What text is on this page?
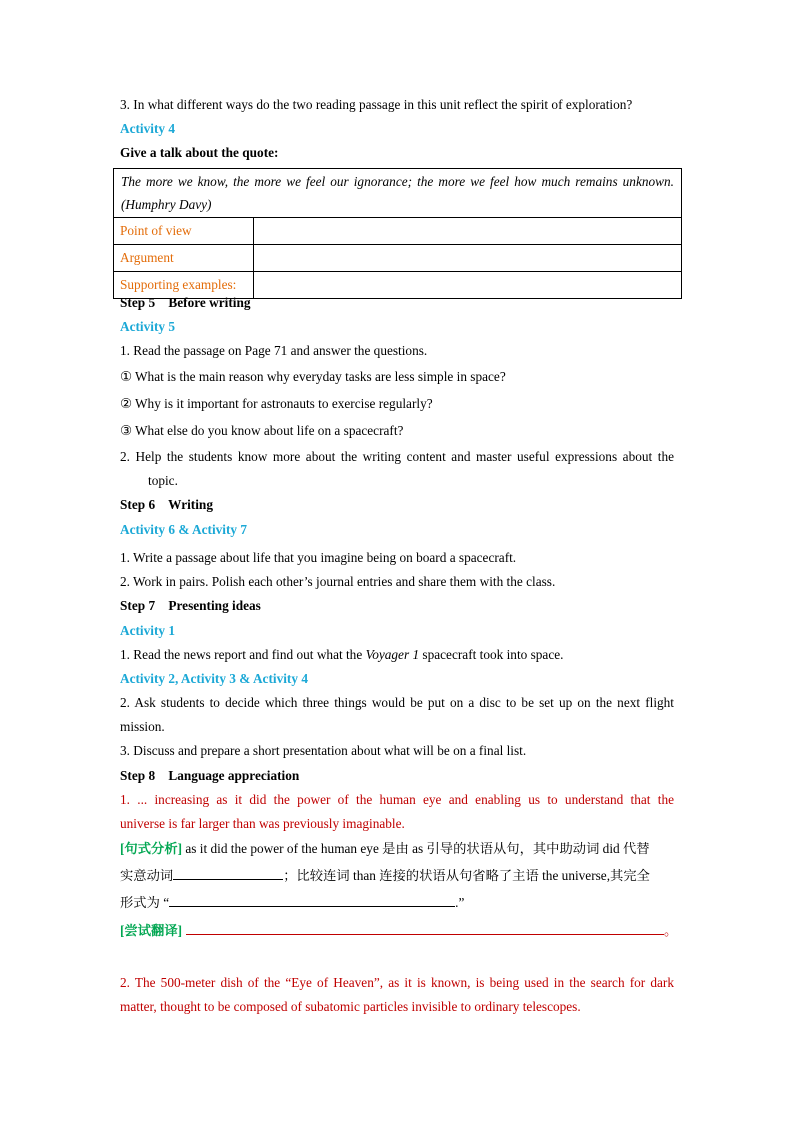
3. In what different ways do the two reading passage in this unit reflect the spirit of exploration?
Activity 4
Give a talk about the quote:
The more we know, the more we feel our ignorance; the more we feel how much remains unknown. (Humphry Davy)	
Point of view	
Argument	
Supporting examples:	
Step 5    Before writing
Activity 5
1. Read the passage on Page 71 and answer the questions.
① What is the main reason why everyday tasks are less simple in space?
② Why is it important for astronauts to exercise regularly?
③ What else do you know about life on a spacecraft?
2. Help the students know more about the writing content and master useful expressions about the
topic.
Step 6    Writing
Activity 6 & Activity 7
1. Write a passage about life that you imagine being on board a spacecraft.
2. Work in pairs. Polish each other’s journal entries and share them with the class.
Step 7    Presenting ideas
Activity 1
1. Read the news report and find out what the Voyager 1 spacecraft took into space.
Activity 2, Activity 3 & Activity 4
2. Ask students to decide which three things would be put on a disc to be set up on the next flight
mission.
3. Discuss and prepare a short presentation about what will be on a final list.
Step 8    Language appreciation
1. ... increasing as it did the power of the human eye and enabling us to understand that the
universe is far larger than was previously imaginable.
[句式分析] as it did the power of the human eye 是由 as 引导的状语从句，其中助动词 did 代替
实意动词	；比较连词 than 连接的状语从句省略了主语 the universe,其完全
形式为 “	.”
[尝试翻译]	。
2. The 500-meter dish of the “Eye of Heaven”, as it is known, is being used in the search for dark
matter, thought to be composed of subatomic particles invisible to ordinary telescopes.
